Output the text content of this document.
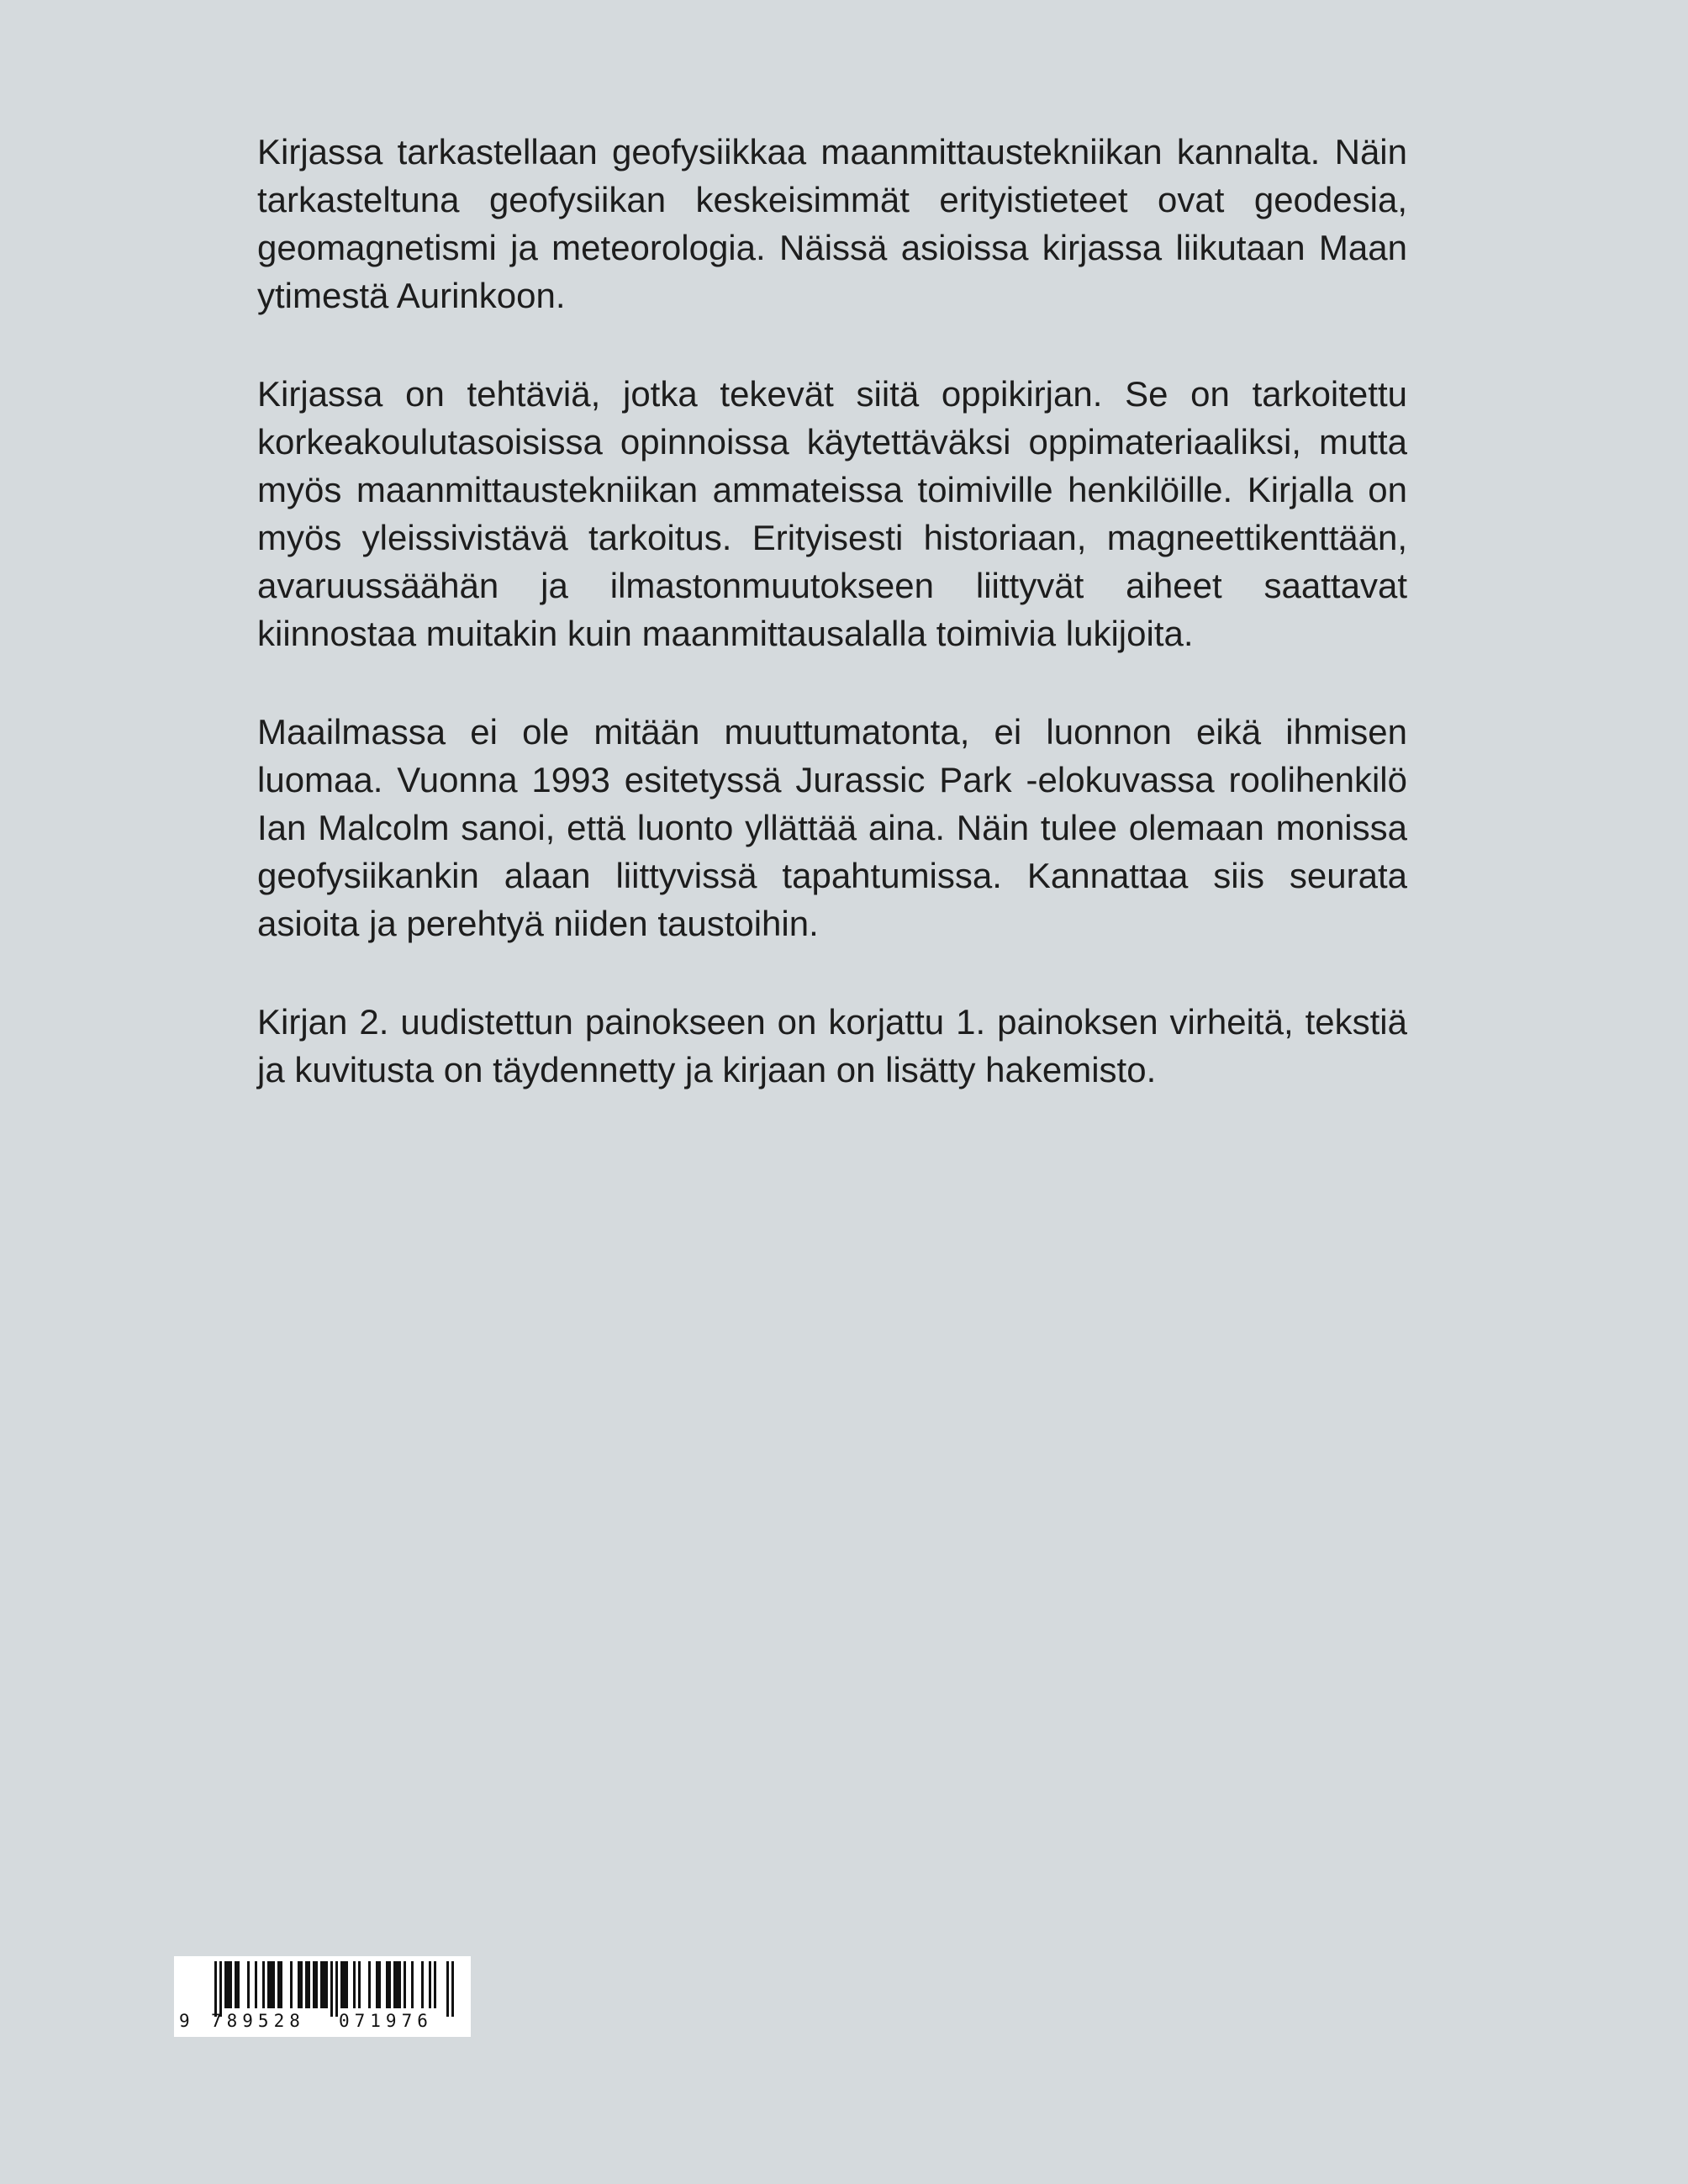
Kirjassa tarkastellaan geofysiikkaa maanmittaustekniikan kannalta. Näin tarkasteltuna geofysiikan keskeisimmät erityistieteet ovat geodesia, geomagnetismi ja meteorologia. Näissä asioissa kirjassa liikutaan Maan ytimestä Aurinkoon.

Kirjassa on tehtäviä, jotka tekevät siitä oppikirjan. Se on tarkoitettu korkeakoulutasoisissa opinnoissa käytettäväksi oppimateriaaliksi, mutta myös maanmittaustekniikan ammateissa toimiville henkilöille. Kirjalla on myös yleissivistävä tarkoitus. Erityisesti historiaan, magneettikenttään, avaruussäähän ja ilmastonmuutokseen liittyvät aiheet saattavat kiinnostaa muitakin kuin maanmittausalalla toimivia lukijoita.

Maailmassa ei ole mitään muuttumatonta, ei luonnon eikä ihmisen luomaa. Vuonna 1993 esitetyssä Jurassic Park -elokuvassa roolihenkilö Ian Malcolm sanoi, että luonto yllättää aina. Näin tulee olemaan monissa geofysiikankin alaan liittyvissä tapahtumissa. Kannattaa siis seurata asioita ja perehtyä niiden taustoihin.

Kirjan 2. uudistettun painokseen on korjattu 1. painoksen virheitä, tekstiä ja kuvitusta on täydennetty ja kirjaan on lisätty hakemisto.

9 789528 071976
